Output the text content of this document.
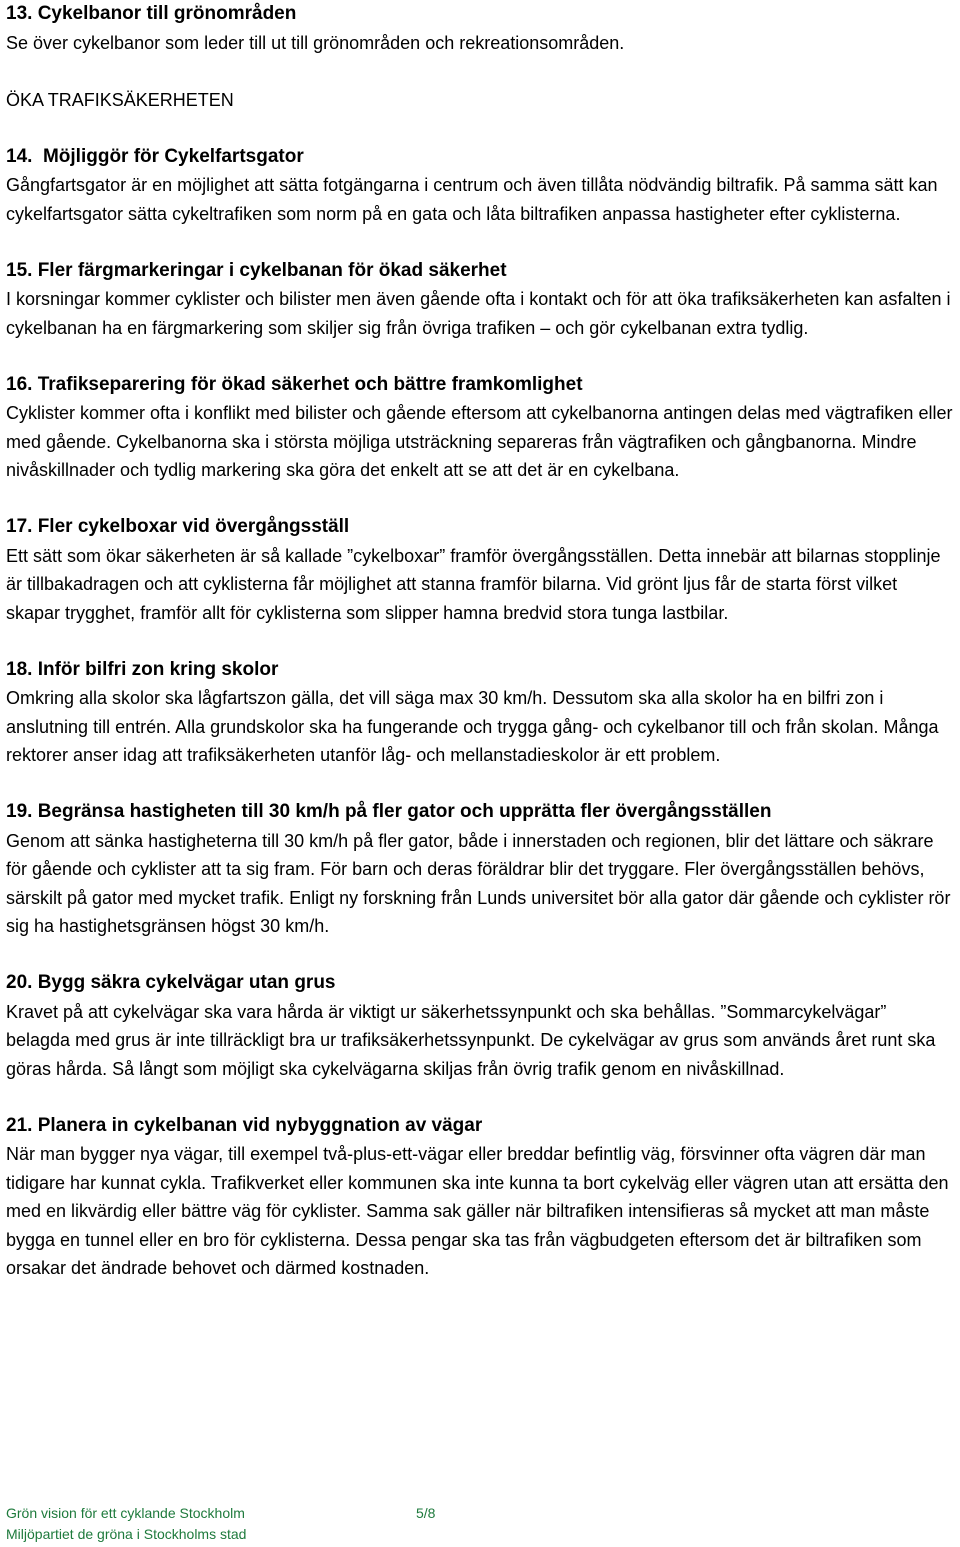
13. Cykelbanor till grönområden

Se över cykelbanor som leder till ut till grönområden och rekreationsområden.

ÖKA TRAFIKSÄKERHETEN

14.  Möjliggör för Cykelfartsgator

Gångfartsgator är en möjlighet att sätta fotgängarna i centrum och även tillåta nödvändig biltrafik. På samma sätt kan cykelfartsgator sätta cykeltrafiken som norm på en gata och låta biltrafiken anpassa hastigheter efter cyklisterna.

15. Fler färgmarkeringar i cykelbanan för ökad säkerhet

I korsningar kommer cyklister och bilister men även gående ofta i kontakt och för att öka trafiksäkerheten kan asfalten i cykelbanan ha en färgmarkering som skiljer sig från övriga trafiken – och gör cykelbanan extra tydlig.

16. Trafikseparering för ökad säkerhet och bättre framkomlighet

Cyklister kommer ofta i konflikt med bilister och gående eftersom att cykelbanorna antingen delas med vägtrafiken eller med gående. Cykelbanorna ska i största möjliga utsträckning separeras från vägtrafiken och gångbanorna. Mindre nivåskillnader och tydlig markering ska göra det enkelt att se att det är en cykelbana.

17. Fler cykelboxar vid övergångsställ

Ett sätt som ökar säkerheten är så kallade ”cykelboxar” framför övergångsställen. Detta innebär att bilarnas stopplinje är tillbakadragen och att cyklisterna får möjlighet att stanna framför bilarna. Vid grönt ljus får de starta först vilket skapar trygghet, framför allt för cyklisterna som slipper hamna bredvid stora tunga lastbilar.

18. Inför bilfri zon kring skolor

Omkring alla skolor ska lågfartszon gälla, det vill säga max 30 km/h. Dessutom ska alla skolor ha en bilfri zon i anslutning till entrén. Alla grundskolor ska ha fungerande och trygga gång- och cykelbanor till och från skolan. Många rektorer anser idag att trafiksäkerheten utanför låg- och mellanstadieskolor är ett problem.

19. Begränsa hastigheten till 30 km/h på fler gator och upprätta fler övergångsställen

Genom att sänka hastigheterna till 30 km/h på fler gator, både i innerstaden och regionen, blir det lättare och säkrare för gående och cyklister att ta sig fram. För barn och deras föräldrar blir det tryggare. Fler övergångsställen behövs, särskilt på gator med mycket trafik. Enligt ny forskning från Lunds universitet bör alla gator där gående och cyklister rör sig ha hastighetsgränsen högst 30 km/h.

20. Bygg säkra cykelvägar utan grus

Kravet på att cykelvägar ska vara hårda är viktigt ur säkerhetssynpunkt och ska behållas. ”Sommarcykelvägar” belagda med grus är inte tillräckligt bra ur trafiksäkerhetssynpunkt. De cykelvägar av grus som används året runt ska göras hårda. Så långt som möjligt ska cykelvägarna skiljas från övrig trafik genom en nivåskillnad.

21. Planera in cykelbanan vid nybyggnation av vägar

När man bygger nya vägar, till exempel två-plus-ett-vägar eller breddar befintlig väg, försvinner ofta vägren där man tidigare har kunnat cykla. Trafikverket eller kommunen ska inte kunna ta bort cykelväg eller vägren utan att ersätta den med en likvärdig eller bättre väg för cyklister. Samma sak gäller när biltrafiken intensifieras så mycket att man måste bygga en tunnel eller en bro för cyklisterna. Dessa pengar ska tas från vägbudgeten eftersom det är biltrafiken som orsakar det ändrade behovet och därmed kostnaden.

Grön vision för ett cyklande Stockholm	5/8
Miljöpartiet de gröna i Stockholms stad
